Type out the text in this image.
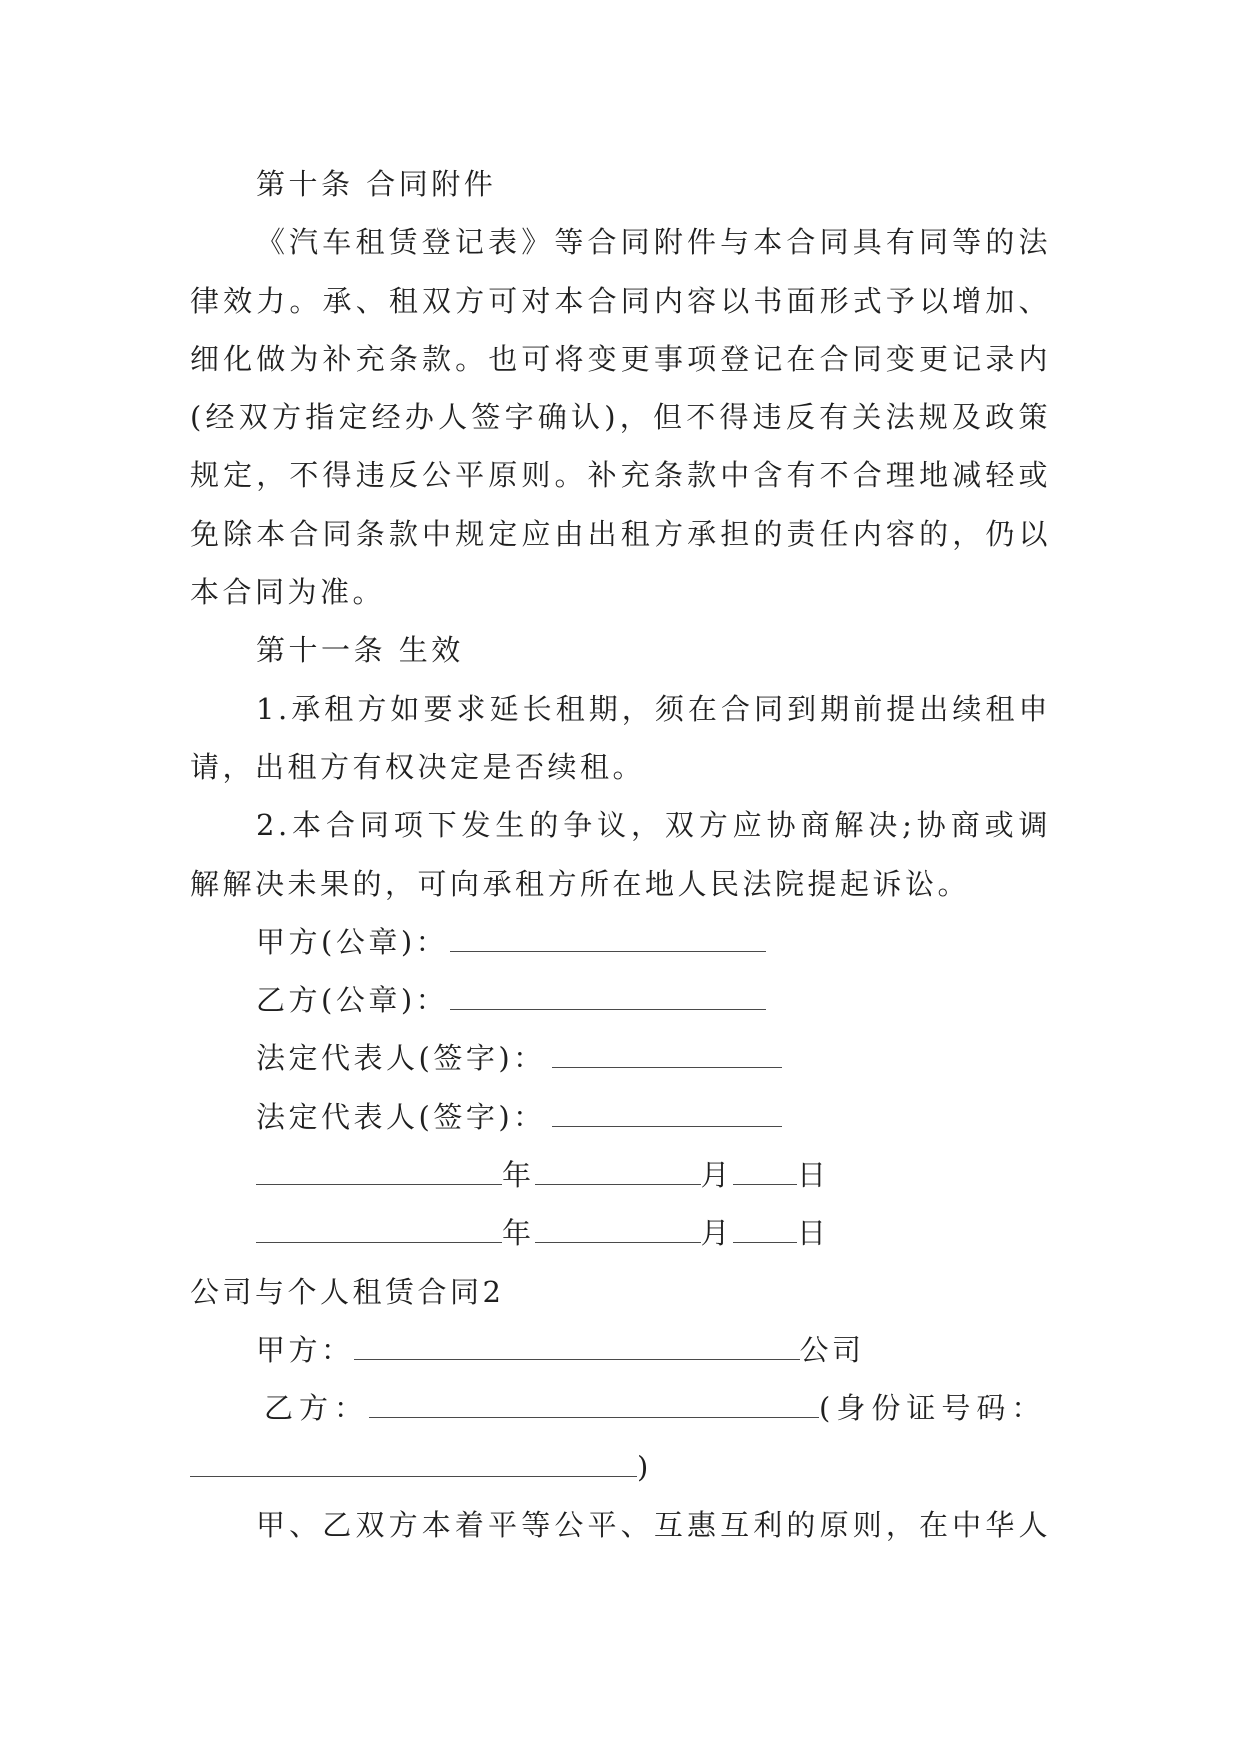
第十条 合同附件
《汽车租赁登记表》等合同附件与本合同具有同等的法
律效力。承、租双方可对本合同内容以书面形式予以增加、
细化做为补充条款。也可将变更事项登记在合同变更记录内
(经双方指定经办人签字确认)，但不得违反有关法规及政策
规定，不得违反公平原则。补充条款中含有不合理地减轻或
免除本合同条款中规定应由出租方承担的责任内容的，仍以
本合同为准。
第十一条 生效
1.承租方如要求延长租期，须在合同到期前提出续租申
请，出租方有权决定是否续租。
2.本合同项下发生的争议，双方应协商解决;协商或调
解解决未果的，可向承租方所在地人民法院提起诉讼。
甲方(公章)：
乙方(公章)：
法定代表人(签字)：
法定代表人(签字)：
年	月 日
年	月 日
公司与个人租赁合同2
甲方：	公司
乙方：	(身份证号码：
)
甲、乙双方本着平等公平、互惠互利的原则，在中华人
